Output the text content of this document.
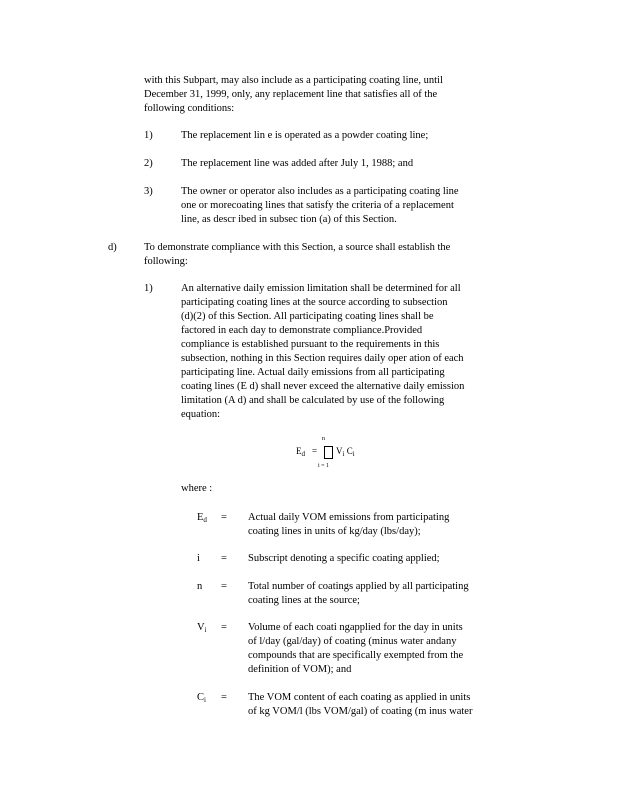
with this Subpart, may also include as a participating coating line, until

December 31, 1999, only, any replacement line that satisfies all of the

following conditions:

1)	The replacement lin e is operated as a powder coating line;

2)	The replacement line was added after July 1, 1988; and

3)	The owner or operator also includes as a participating coating line

one or morecoating lines that satisfy the criteria of a replacement

line, as descr ibed in subsec tion (a) of this Section.

d)	To demonstrate compliance with this Section, a source shall establish the

following:

1)	An alternative daily emission limitation shall be determined for all

participating coating lines at the source according to subsection

(d)(2) of this Section. All participating coating lines shall be

factored in each day to demonstrate compliance.Provided

compliance is established pursuant to the requirements in this

subsection, nothing in this Section requires daily oper ation of each

participating line. Actual daily emissions from all participating

coating lines (E d) shall never exceed the alternative daily emission

limitation (A d) and shall be calculated by use of the following

equation:

n
$E_d = V_i$ $C_i$
i = 1
where :
$E_d$ = Actual daily VOM emissions from participating

coating lines in units of kg/day (lbs/day);

i = Subscript denoting a specific coating applied;

n = Total number of coatings applied by all participating

coating lines at the source;

$V_i$ = Volume of each coati ngapplied for the day in units

of l/day (gal/day) of coating (minus water andany

compounds that are specifically exempted from the

definition of VOM); and

$C_i$ = The VOM content of each coating as applied in units

of kg VOM/l (lbs VOM/gal) of coating (m inus water
